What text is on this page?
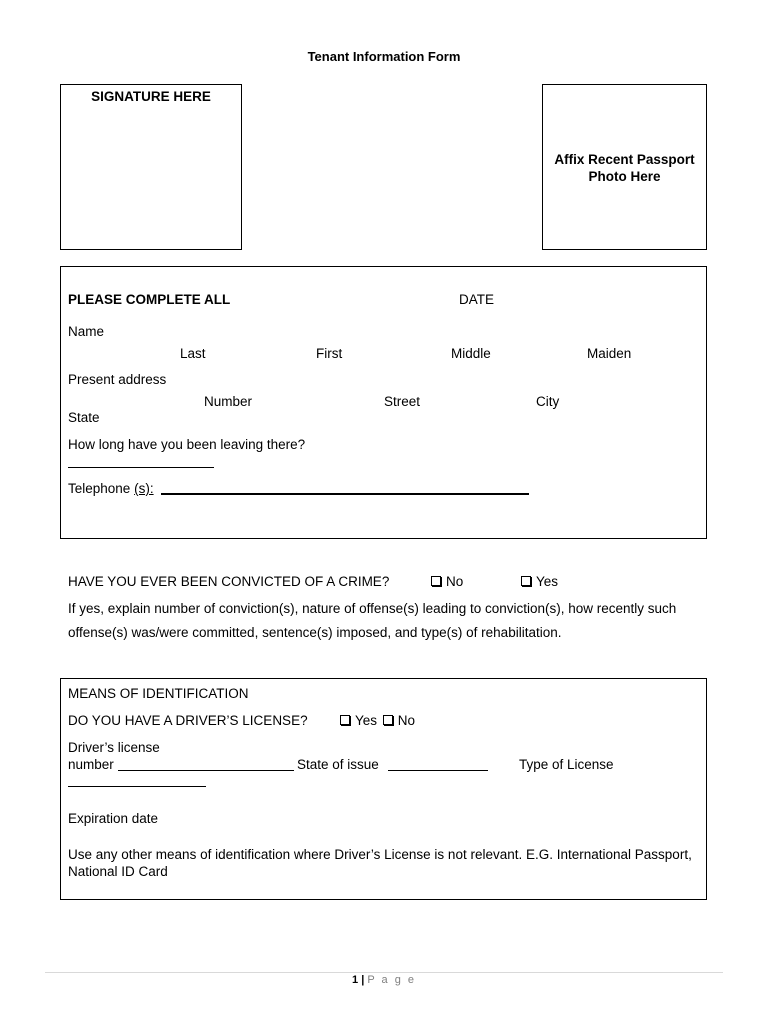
Tenant Information Form
SIGNATURE HERE
Affix Recent Passport Photo Here
PLEASE COMPLETE ALL	DATE
Name
Last	First	Middle	Maiden
Present address
Number	Street	City
State
How long have you been leaving there?
Telephone (s):
HAVE YOU EVER BEEN CONVICTED OF A CRIME?	No	Yes
If yes, explain number of conviction(s), nature of offense(s) leading to conviction(s), how recently such offense(s) was/were committed, sentence(s) imposed, and type(s) of rehabilitation.
MEANS OF IDENTIFICATION
DO YOU HAVE A DRIVER’S LICENSE?	Yes No
Driver’s license
number	State of issue	Type of License
Expiration date
Use any other means of identification where Driver’s License is not relevant. E.G. International Passport, National ID Card
1 | P a g e
